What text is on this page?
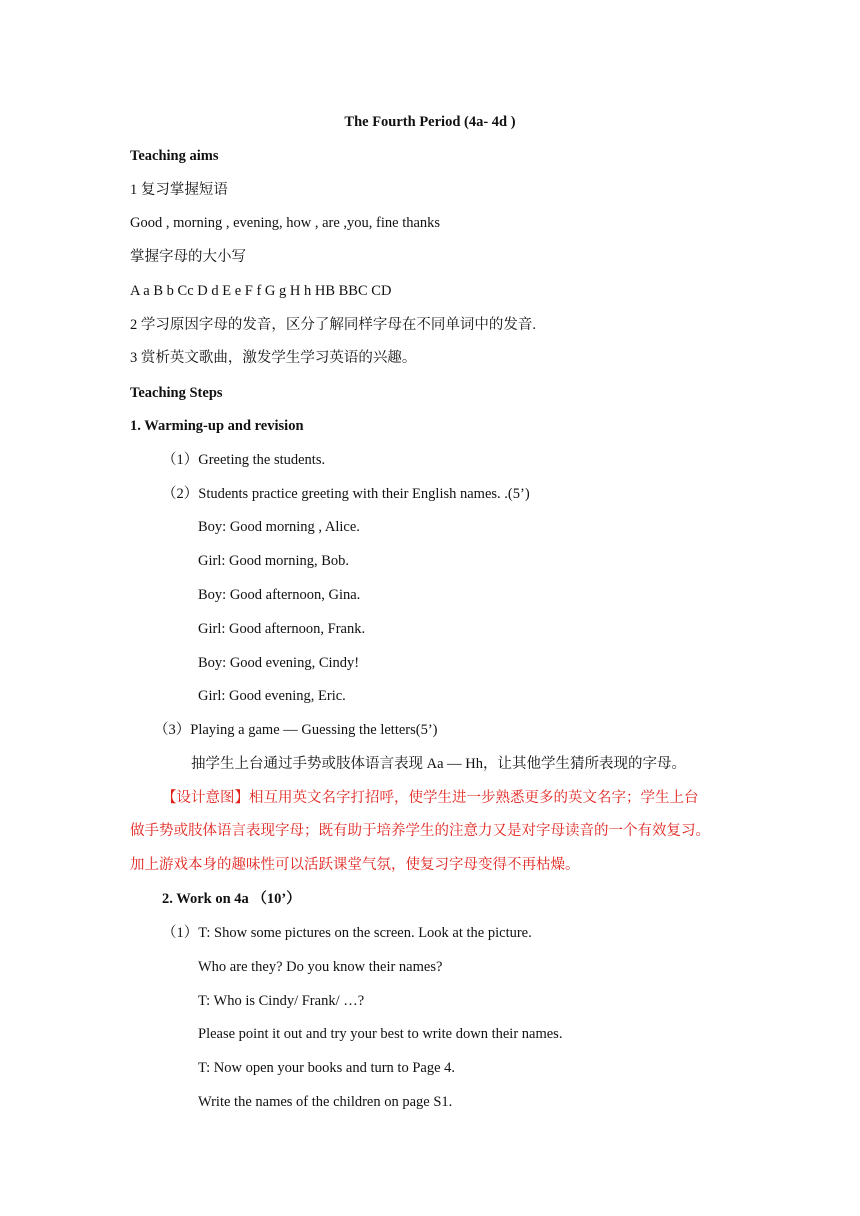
The Fourth Period (4a- 4d )
Teaching aims
1 复习掌握短语
Good , morning , evening, how , are ,you, fine thanks
掌握字母的大小写
A a B b Cc D d E e F f G g H h HB BBC CD
2 学习原因字母的发音，区分了解同样字母在不同单词中的发音.
3 赏析英文歌曲，激发学生学习英语的兴趣。
Teaching Steps
1. Warming-up and revision
（1）Greeting the students.
（2）Students practice greeting with their English names. .(5’)
Boy: Good morning , Alice.
Girl: Good morning, Bob.
Boy: Good afternoon, Gina.
Girl: Good afternoon, Frank.
Boy: Good evening, Cindy!
Girl: Good evening, Eric.
（3）Playing a game — Guessing the letters(5’)
抽学生上台通过手势或肢体语言表现 Aa — Hh，让其他学生猜所表现的字母。
【设计意图】相互用英文名字打招呼，使学生进一步熟悉更多的英文名字；学生上台
做手势或肢体语言表现字母；既有助于培养学生的注意力又是对字母读音的一个有效复习。
加上游戏本身的趣味性可以活跃课堂气氛，使复习字母变得不再枯燥。
2. Work on 4a （10’）
（1）T: Show some pictures on the screen. Look at the picture.
Who are they? Do you know their names?
T: Who is Cindy/ Frank/ …?
Please point it out and try your best to write down their names.
T: Now open your books and turn to Page 4.
Write the names of the children on page S1.
